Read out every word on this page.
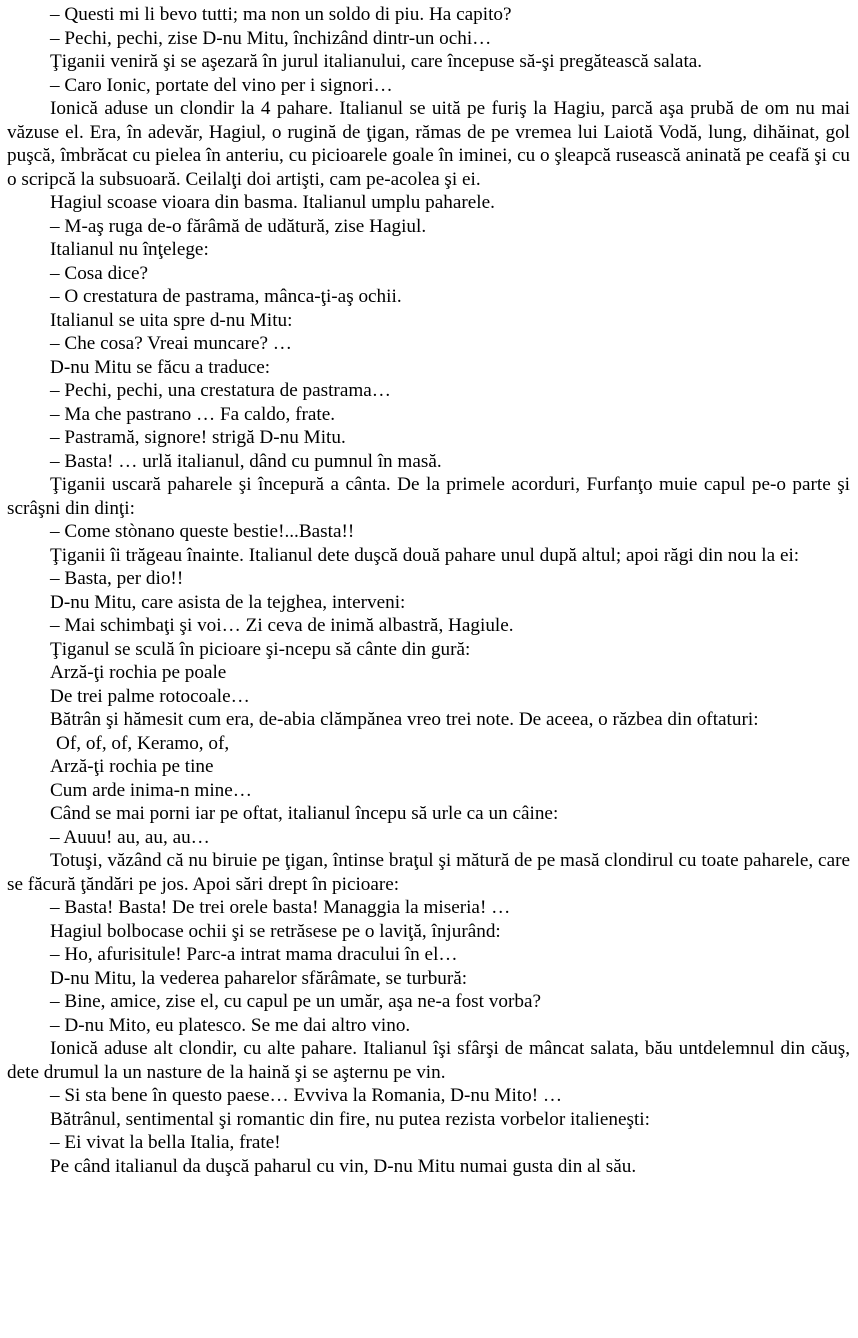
– Questi mi li bevo tutti; ma non un soldo di piu. Ha capito?

– Pechi, pechi, zise D-nu Mitu, închizând dintr-un ochi…

Ţiganii veniră şi se aşezară în jurul italianului, care începuse să-şi pregătească salata.

– Caro Ionic, portate del vino per i signori…

Ionică aduse un clondir la 4 pahare. Italianul se uită pe furiş la Hagiu, parcă aşa prubă de om nu mai văzuse el. Era, în adevăr, Hagiul, o rugină de ţigan, rămas de pe vremea lui Laiotă Vodă, lung, dihăinat, gol puşcă, îmbrăcat cu pielea în anteriu, cu picioarele goale în iminei, cu o şleapcă rusească aninată pe ceafă şi cu o scripcă la subsuoară. Ceilalţi doi artişti, cam pe-acolea şi ei.

Hagiul scoase vioara din basma. Italianul umplu paharele.

– M-aş ruga de-o fărâmă de udătură, zise Hagiul.

Italianul nu înţelege:

– Cosa dice?

– O crestatura de pastrama, mânca-ţi-aş ochii.

Italianul se uita spre d-nu Mitu:

– Che cosa? Vreai muncare? …

D-nu Mitu se făcu a traduce:

– Pechi, pechi, una crestatura de pastrama…

– Ma che pastrano … Fa caldo, frate.

– Pastramă, signore! strigă D-nu Mitu.

– Basta! … urlă italianul, dând cu pumnul în masă.

Ţiganii uscară paharele şi începură a cânta. De la primele acorduri, Furfanţo muie capul pe-o parte şi scrâşni din dinţi:

– Come stònano queste bestie!...Basta!!

Ţiganii îi trăgeau înainte. Italianul dete duşcă două pahare unul după altul; apoi răgi din nou la ei:

– Basta, per dio!!

D-nu Mitu, care asista de la tejghea, interveni:

– Mai schimbaţi şi voi… Zi ceva de inimă albastră, Hagiule.

Ţiganul se sculă în picioare şi-ncepu să cânte din gură:

Arză-ţi rochia pe poale

De trei palme rotocoale…

Bătrân şi hămesit cum era, de-abia clămpănea vreo trei note. De aceea, o răzbea din oftaturi:

Of, of, of, Keramo, of,

Arză-ţi rochia pe tine

Cum arde inima-n mine…

Când se mai porni iar pe oftat, italianul începu să urle ca un câine:

– Auuu! au, au, au…

Totuşi, văzând că nu biruie pe ţigan, întinse braţul şi mătură de pe masă clondirul cu toate paharele, care se făcură ţăndări pe jos. Apoi sări drept în picioare:

– Basta! Basta! De trei orele basta! Managgia la miseria! …

Hagiul bolbocase ochii şi se retrăsese pe o laviţă, înjurând:

– Ho, afurisitule! Parc-a intrat mama dracului în el…

D-nu Mitu, la vederea paharelor sfărâmate, se turbură:

– Bine, amice, zise el, cu capul pe un umăr, aşa ne-a fost vorba?

– D-nu Mito, eu platesco. Se me dai altro vino.

Ionică aduse alt clondir, cu alte pahare. Italianul îşi sfârşi de mâncat salata, bău untdelemnul din căuş, dete drumul la un nasture de la haină şi se aşternu pe vin.

– Si sta bene în questo paese… Evviva la Romania, D-nu Mito! …

Bătrânul, sentimental şi romantic din fire, nu putea rezista vorbelor italieneşti:

– Ei vivat la bella Italia, frate!

Pe când italianul da duşcă paharul cu vin, D-nu Mitu numai gusta din al său.
